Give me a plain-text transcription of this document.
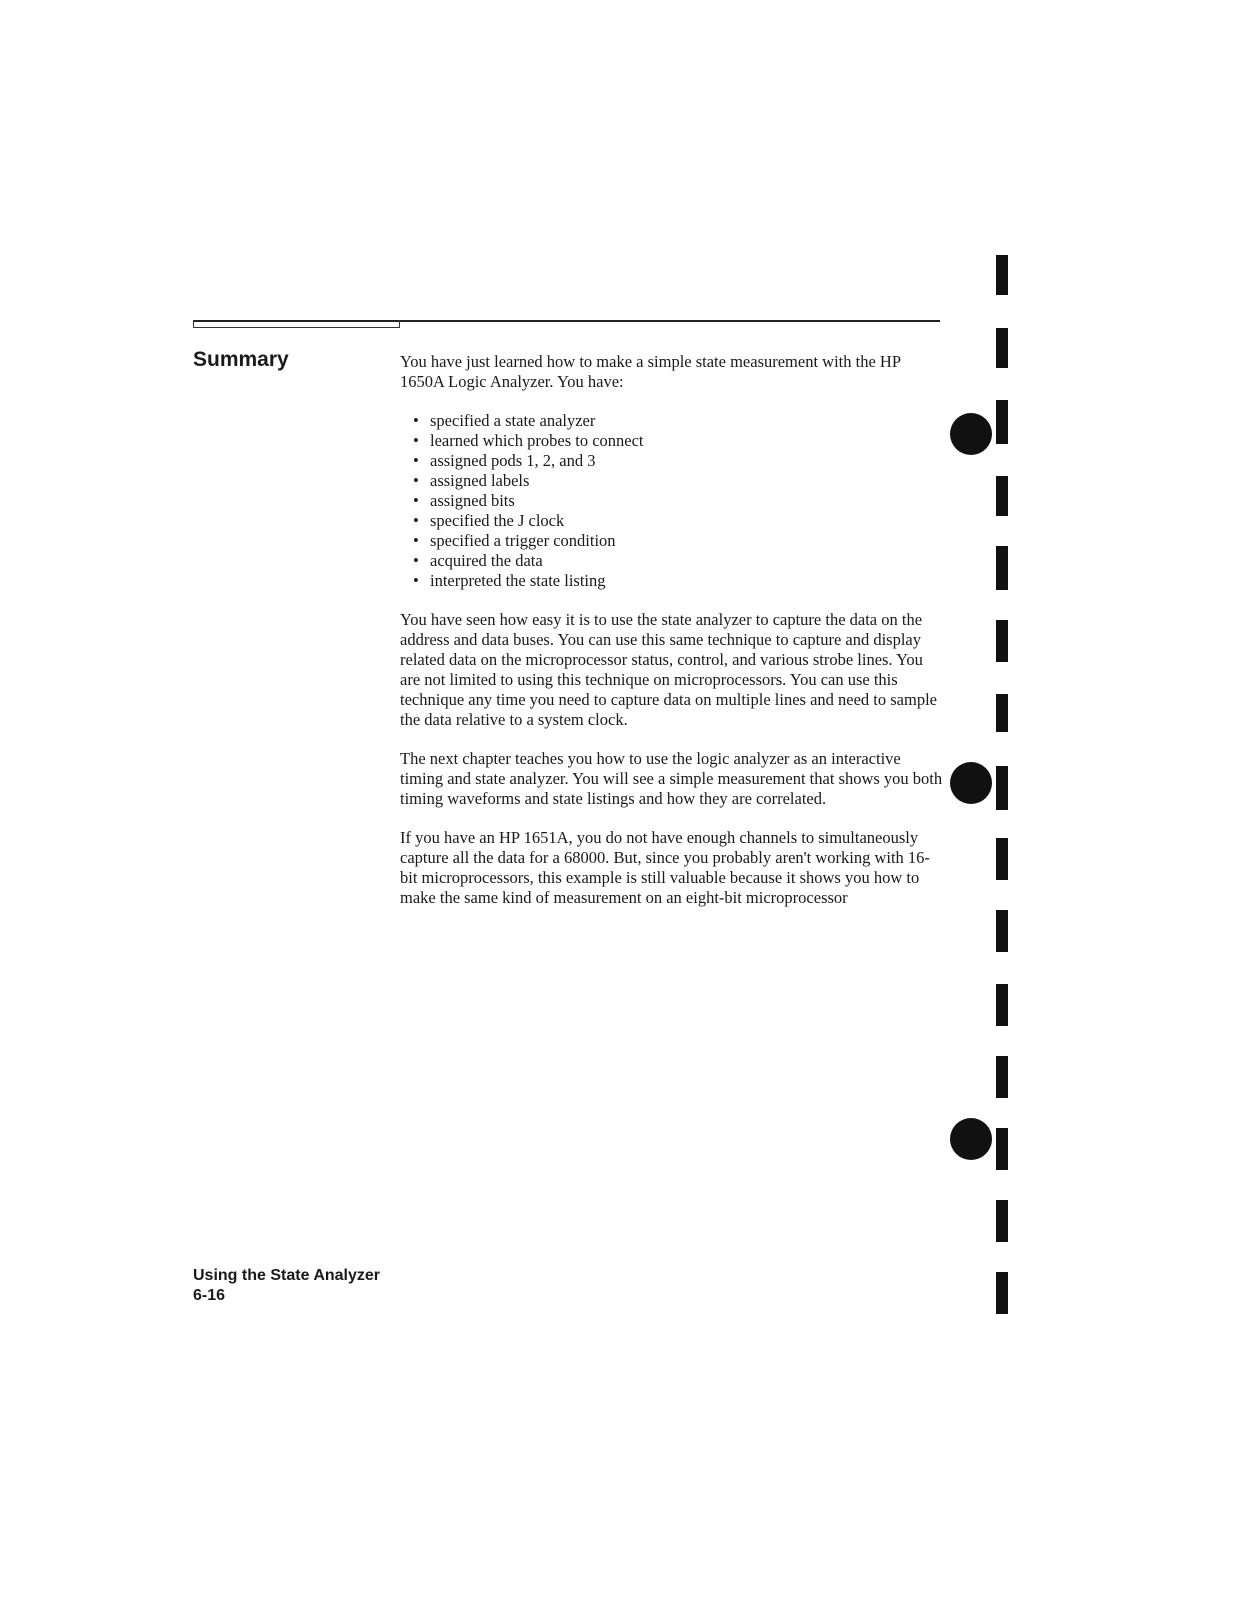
Summary	You have just learned how to make a simple state measurement with the HP 1650A Logic Analyzer. You have:

• specified a state analyzer
• learned which probes to connect
• assigned pods 1, 2, and 3
• assigned labels
• assigned bits
• specified the J clock
• specified a trigger condition
• acquired the data
• interpreted the state listing

You have seen how easy it is to use the state analyzer to capture the data on the address and data buses. You can use this same technique to capture and display related data on the microprocessor status, control, and various strobe lines. You are not limited to using this technique on microprocessors. You can use this technique any time you need to capture data on multiple lines and need to sample the data relative to a system clock.

The next chapter teaches you how to use the logic analyzer as an interactive timing and state analyzer. You will see a simple measurement that shows you both timing waveforms and state listings and how they are correlated.

If you have an HP 1651A, you do not have enough channels to simultaneously capture all the data for a 68000. But, since you probably aren't working with 16-bit microprocessors, this example is still valuable because it shows you how to make the same kind of measurement on an eight-bit microprocessor

Using the State Analyzer
6-16
